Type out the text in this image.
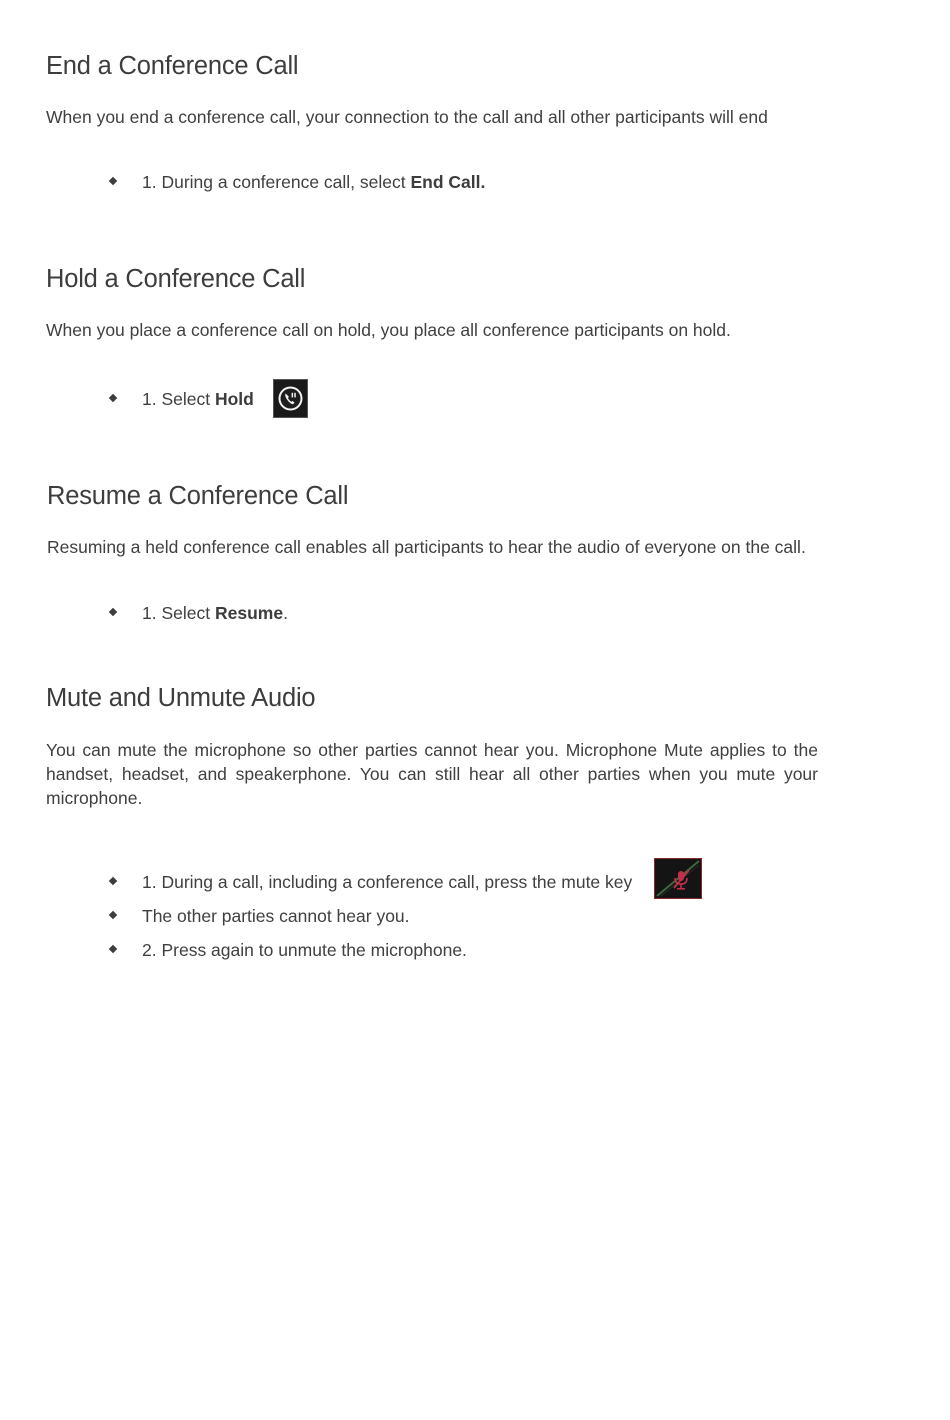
End a Conference Call

When you end a conference call, your connection to the call and all other participants will end

1. During a conference call, select End Call.
Hold a Conference Call

When you place a conference call on hold, you place all conference participants on hold.

1. Select Hold
Resume a Conference Call

Resuming a held conference call enables all participants to hear the audio of everyone on the call.

1. Select Resume.
Mute and Unmute Audio

You can mute the microphone so other parties cannot hear you. Microphone Mute applies to the handset, headset, and speakerphone. You can still hear all other parties when you mute your microphone.

1. During a call, including a conference call, press the mute key
The other parties cannot hear you.
2. Press again to unmute the microphone.
